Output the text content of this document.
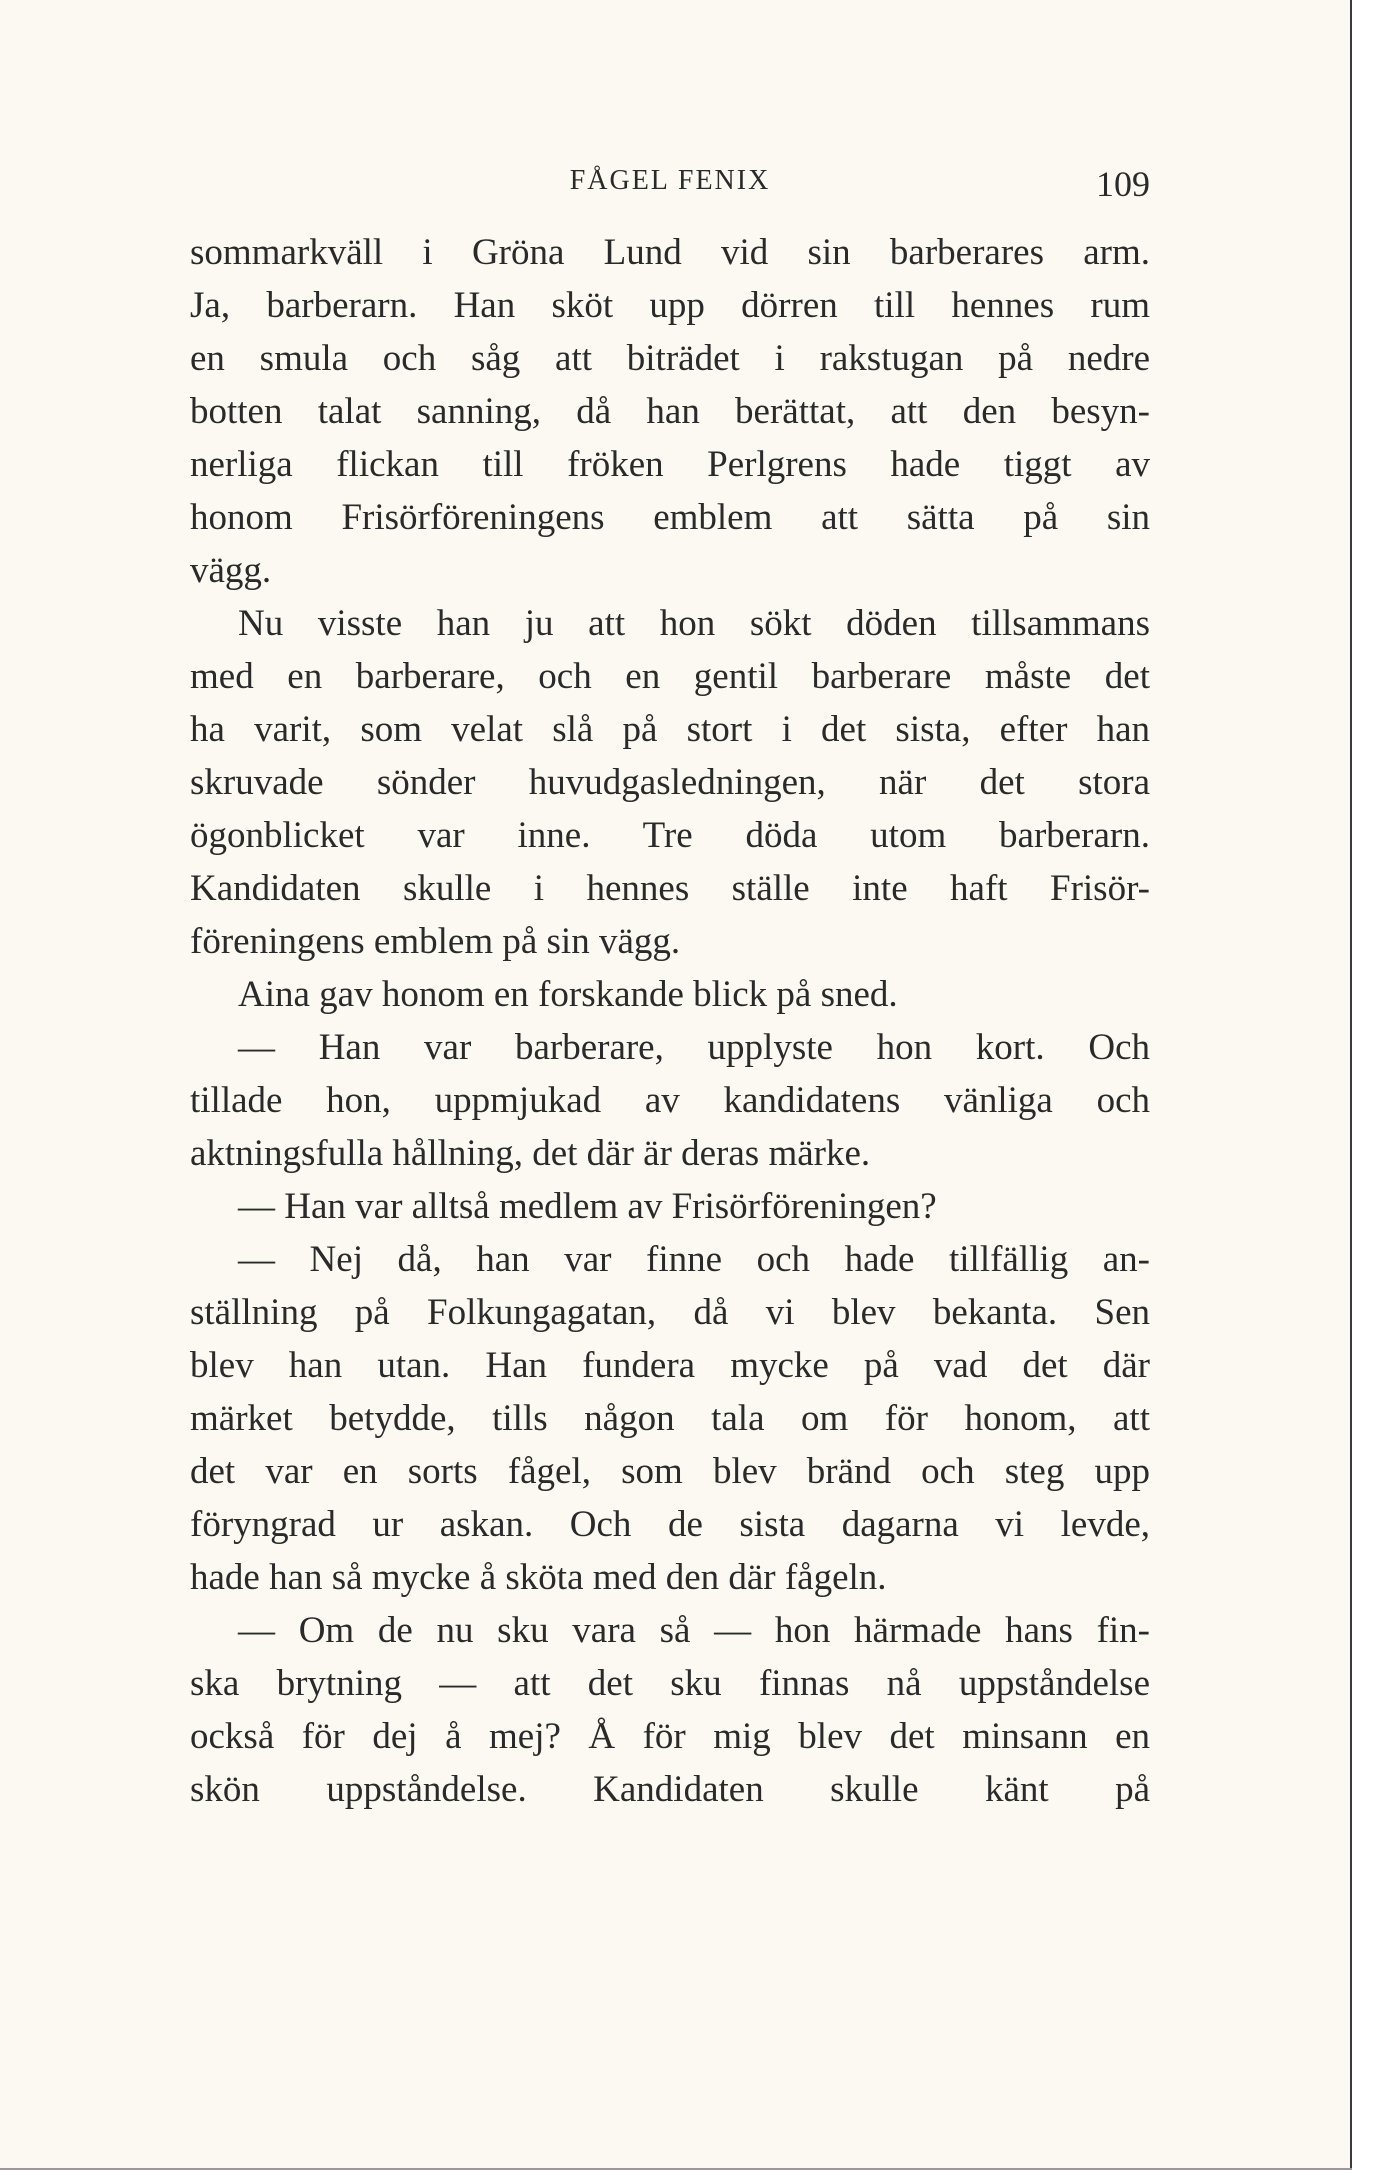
FÅGEL FENIX	109
sommarkväll i Gröna Lund vid sin barberares arm.
Ja, barberarn. Han sköt upp dörren till hennes rum
en smula och såg att biträdet i rakstugan på nedre
botten talat sanning, då han berättat, att den besyn-
nerliga flickan till fröken Perlgrens hade tiggt av
honom Frisörföreningens emblem att sätta på sin
vägg.
Nu visste han ju att hon sökt döden tillsammans
med en barberare, och en gentil barberare måste det
ha varit, som velat slå på stort i det sista, efter han
skruvade sönder huvudgasledningen, när det stora
ögonblicket var inne. Tre döda utom barberarn.
Kandidaten skulle i hennes ställe inte haft Frisör-
föreningens emblem på sin vägg.
Aina gav honom en forskande blick på sned.
— Han var barberare, upplyste hon kort. Och
tillade hon, uppmjukad av kandidatens vänliga och
aktningsfulla hållning, det där är deras märke.
— Han var alltså medlem av Frisörföreningen?
— Nej då, han var finne och hade tillfällig an-
ställning på Folkungagatan, då vi blev bekanta. Sen
blev han utan. Han fundera mycke på vad det där
märket betydde, tills någon tala om för honom, att
det var en sorts fågel, som blev bränd och steg upp
föryngrad ur askan. Och de sista dagarna vi levde,
hade han så mycke å sköta med den där fågeln.
— Om de nu sku vara så — hon härmade hans fin-
ska brytning — att det sku finnas nå uppståndelse
också för dej å mej? Å för mig blev det minsann en
skön uppståndelse. Kandidaten skulle känt på
